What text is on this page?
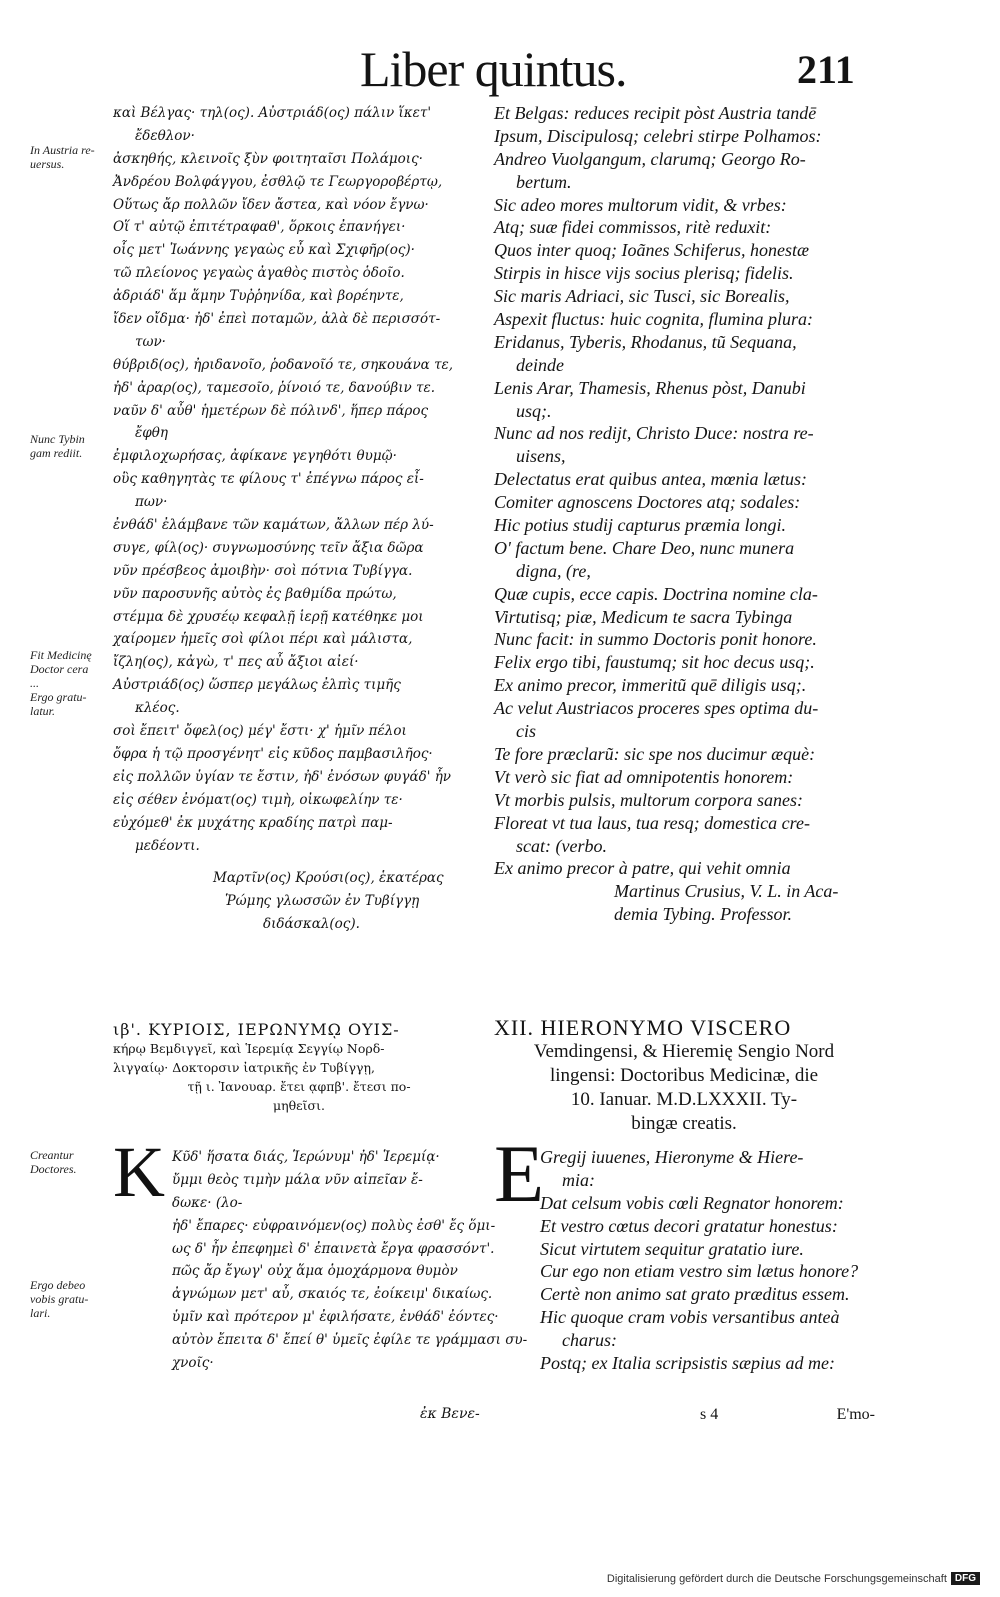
Liber quintus.	211
In Austria re-
uersus.
Nunc Tybin
gam rediit.
Fit Medicinę
Doctor cera
...
Ergo gratu-
latur.
Creantur
Doctores.
Ergo debeo
vobis gratu-
lari.
καὶ Βέλγας· τηλ(ος). Αὐστριάδ(ος) πάλιν ἵκετ'
ἔδεθλον·
ἀσκηθής, κλεινοῖς ξὺν φοιτηταῖσι Πολάμοις·
Ἀνδρέου Βολφάγγου, ἐσθλῷ τε Γεωργοροβέρτῳ,
Οὕτως ἄρ πολλῶν ἴδεν ἄστεα, καὶ νόον ἔγνω·
Οἵ τ' αὐτῷ ἐπιτέτραφαθ', ὅρκοις ἐπανήγει·
οἷς μετ' Ἰωάννης γεγαὼς εὖ καὶ Σχιφῆρ(ος)·
τῶ πλείονος γεγαὼς ἀγαθὸς πιστὸς ὁδοῖο.
ἀδριάδ' ἅμ ἅμην Τυῤῥηνίδα, καὶ βορέηντε,
ἴδεν οἴδμα· ἠδ' ἐπεὶ ποταμῶν, ἀλὰ δὲ περισσότ-
των·
θύβριδ(ος), ἠριδανοῖο, ῥοδανοῖό τε, σηκουάνα τε,
ἠδ' ἀραρ(ος), ταμεσοῖο, ῥίνοιό τε, δανούβιν τε.
ναῦν δ' αὖθ' ἡμετέρων δὲ πόλινδ', ἥπερ πάρος
ἔφθη
ἐμφιλοχωρήσας, ἀφίκανε γεγηθότι θυμῷ·
οὓς καθηγητὰς τε φίλους τ' ἐπέγνω πάρος εἶ-
πων·
ἐνθάδ' ἐλάμβανε τῶν καμάτων, ἄλλων πέρ λύ-
συγε, φίλ(ος)· συγνωμοσύνης τεῖν ἄξια δῶρα
νῦν πρέσβεος ἀμοιβὴν· σοὶ πότνια Τυβίγγα.
νῦν παροσυνῆς αὐτὸς ἐς βαθμίδα πρώτω,
στέμμα δὲ χρυσέῳ κεφαλῇ ἱερῇ κατέθηκε μοι
χαίρομεν ἡμεῖς σοὶ φίλοι πέρι καὶ μάλιστα,
ἴζλη(ος), κἀγὼ, τ' πες αὖ ἄξιοι αἰεί·
Αὐστριάδ(ος) ὥσπερ μεγάλως ἐλπὶς τιμῆς
κλέος.
σοὶ ἔπειτ' ὄφελ(ος) μέγ' ἔστι· χ' ἡμῖν πέλοι
ὄφρα ἡ τῷ προσγένητ' εἰς κῦδος παμβασιλῆος·
εἰς πολλῶν ὑγίαν τε ἔστιν, ἠδ' ἐνόσων φυγάδ' ἦν
εἰς σέθεν ἐνόματ(ος) τιμὴ, οἰκωφελίην τε·
εὐχόμεθ' ἐκ μυχάτης κραδίης πατρὶ παμ-
μεδέοντι.
Μαρτῖν(ος) Κρούσι(ος), ἑκατέρας
Ῥώμης γλωσσῶν ἐν Τυβίγγῃ
διδάσκαλ(ος).
Et Belgas: reduces recipit pòst Austria tandē
Ipsum, Discipulosq; celebri stirpe Polhamos:
Andreo Vuolgangum, clarumq; Georgo Ro-
bertum.
Sic adeo mores multorum vidit, & vrbes:
Atq; suæ fidei commissos, ritè reduxit:
Quos inter quoq; Ioãnes Schiferus, honestæ
Stirpis in hisce vijs socius plerisq; fidelis.
Sic maris Adriaci, sic Tusci, sic Borealis,
Aspexit fluctus: huic cognita, flumina plura:
Eridanus, Tyberis, Rhodanus, tũ Sequana,
deinde
Lenis Arar, Thamesis, Rhenus pòst, Danubi
usq;.
Nunc ad nos redijt, Christo Duce: nostra re-
uisens,
Delectatus erat quibus antea, mœnia lætus:
Comiter agnoscens Doctores atq; sodales:
Hic potius studij capturus præmia longi.
O' factum bene. Chare Deo, nunc munera
digna, (re,
Quæ cupis, ecce capis. Doctrina nomine cla-
Virtutisq; piæ, Medicum te sacra Tybinga
Nunc facit: in summo Doctoris ponit honore.
Felix ergo tibi, faustumq; sit hoc decus usq;.
Ex animo precor, immeritũ quē diligis usq;.
Ac velut Austriacos proceres spes optima du-
cis
Te fore præclarũ: sic spe nos ducimur æquè:
Vt verò sic fiat ad omnipotentis honorem:
Vt morbis pulsis, multorum corpora sanes:
Floreat vt tua laus, tua resq; domestica cre-
scat: (verbo.
Ex animo precor à patre, qui vehit omnia
Martinus Crusius, V. L. in Aca-
demia Tybing. Professor.
ιβ'. ΚΥΡΙΟΙΣ, ΙΕΡΩΝΥΜῼ ΟΥΙΣ-
κήρῳ Βεμδιγγεῖ, καὶ Ἱερεμίᾳ Σεγγίῳ Νορδ-
λιγγαίῳ· Δοκτορσιν ἰατρικῆς ἐν Τυβίγγῃ,
τῇ ι. Ἰανουαρ. ἔτει ᾳφπβ'. ἔτεσι πο-
μηθεῖσι.
XII. HIERONYMO VISCERO
Vemdingensi, & Hieremię Sengio Nord
lingensi: Doctoribus Medicinæ, die
10. Ianuar. M.D.LXXXII. Ty-
bingæ creatis.
K	E
Κῦδ' ἥσατα διάς, Ἱερώνυμ' ἠδ' Ἱερεμίᾳ·
ὔμμι θεὸς τιμὴν μάλα νῦν αἰπεῖαν ἔ-
δωκε· (λο-
ἠδ' ἔπαρες· εὐφραινόμεν(ος) πολὺς ἐσθ' ἔς ὅμι-
ως δ' ἦν ἐπεφημεὶ δ' ἐπαινετὰ ἔργα φρασσόντ'.
πῶς ἄρ ἔγωγ' οὐχ ἅμα ὁμοχάρμονα θυμὸν
ἀγνώμων μετ' αὖ, σκαιός τε, ἐοίκειμ' δικαίως.
ὑμῖν καὶ πρότερον μ' ἐφιλήσατε, ἐνθάδ' ἐόντες·
αὐτὸν ἔπειτα δ' ἔπεί θ' ὑμεῖς ἐφίλε τε γράμμασι συ-
χνοῖς·
Gregij iuuenes, Hieronyme & Hiere-
mia:
Dat celsum vobis cœli Regnator honorem:
Et vestro cœtus decori gratatur honestus:
Sicut virtutem sequitur gratatio iure.
Cur ego non etiam vestro sim lætus honore?
Certè non animo sat grato præditus essem.
Hic quoque cram vobis versantibus anteà
charus:
Postq; ex Italia scripsistis sæpius ad me:
ἐκ Βενε-	s 4	E'mo-
Digitalisierung gefördert durch die Deutsche Forschungsgemeinschaft DFG
